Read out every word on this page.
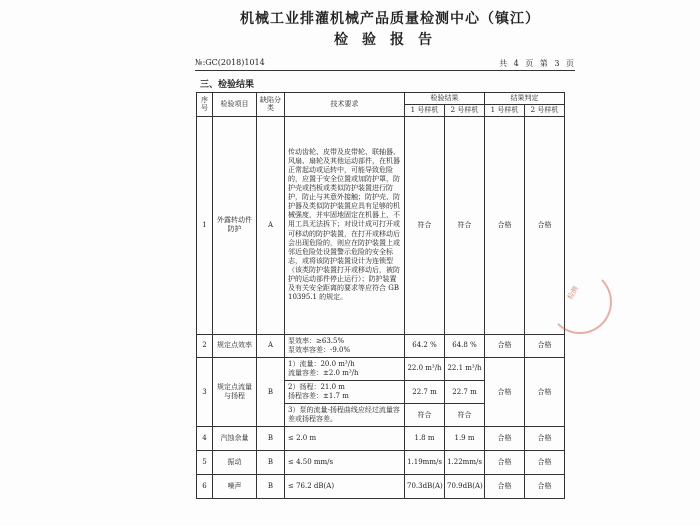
机械工业排灌机械产品质量检测中心（镇江）
检验报告
№:GC(2018)1014	共 4 页 第 3 页
三、检验结果
序号	检验项目	缺陷分类	技术要求	检验结果		结果判定	
				1 号样机	2 号样机	1 号样机	2 号样机
1	外露转动件防护	A	传动齿轮、皮带及皮带轮、联轴器、风扇、扇轮及其他运动部件，在机器正常起动或运转中，可能导致危险的，应置于安全位置或加防护罩，防护壳或挡板或类似防护装置进行防护，防止与其意外接触；防护壳、防护器及类似防护装置应具有足够的机械强度，并牢固地固定在机器上，不用工具无法拆下；对设计成可打开或可移动的防护装置，在打开或移动后会出现危险的，则应在防护装置上或邻近危险处设置警示危险的安全标志，或将该防护装置设计为连锁型（该类防护装置打开或移动后，被防护的运动部件停止运行）；防护装置及有关安全距离的要求等应符合 GB 10395.1 的规定。	符合	符合	合格	合格
2	规定点效率	A	泵效率：≥63.5%
泵效率容差：-9.0%	64.2 %	64.8 %	合格	合格
3	规定点流量与扬程	B	1）流量：20.0 m³/h
流量容差：±2.0 m³/h	22.0 m³/h	22.1 m³/h	合格	合格

			2）扬程：21.0 m
扬程容差：±1.7 m	22.7 m	22.7 m		
			3）泵的流量-扬程曲线应经过流量容差或扬程容差。	符合	符合		
4	汽蚀余量	B	≤ 2.0 m	1.8 m	1.9 m	合格	合格
5	振动	B	≤ 4.50 mm/s	1.19mm/s	1.22mm/s	合格	合格
6	噪声	B	≤ 76.2 dB(A)	70.3dB(A)	70.9dB(A)	合格	合格
检测
